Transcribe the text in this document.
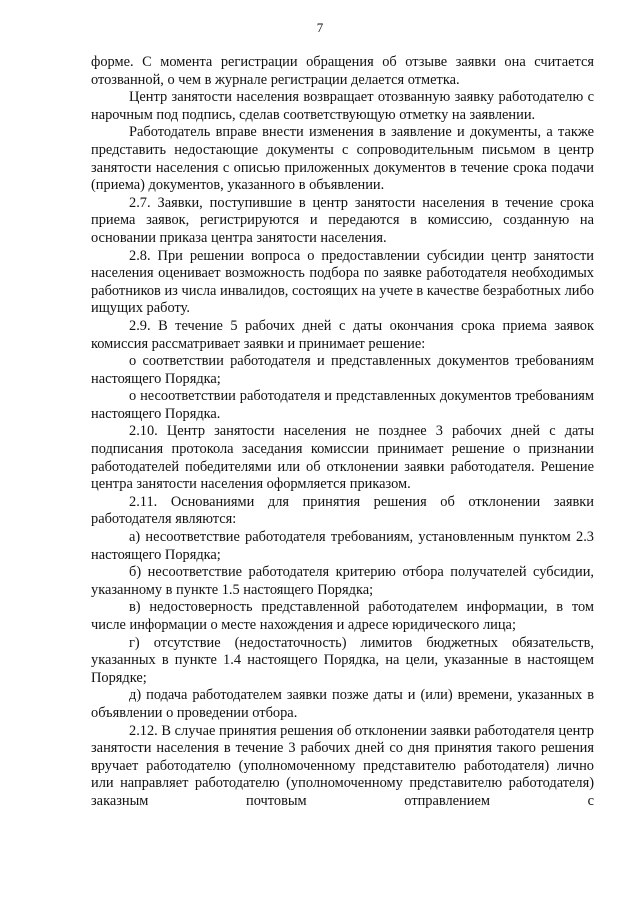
7

форме. С момента регистрации обращения об отзыве заявки она считается отозванной, о чем в журнале регистрации делается отметка.

Центр занятости населения возвращает отозванную заявку работодателю с нарочным под подпись, сделав соответствующую отметку на заявлении.

Работодатель вправе внести изменения в заявление и документы, а также представить недостающие документы с сопроводительным письмом в центр занятости населения с описью приложенных документов в течение срока подачи (приема) документов, указанного в объявлении.

2.7. Заявки, поступившие в центр занятости населения в течение срока приема заявок, регистрируются и передаются в комиссию, созданную на основании приказа центра занятости населения.

2.8. При решении вопроса о предоставлении субсидии центр занятости населения оценивает возможность подбора по заявке работодателя необходимых работников из числа инвалидов, состоящих на учете в качестве безработных либо ищущих работу.

2.9. В течение 5 рабочих дней с даты окончания срока приема заявок комиссия рассматривает заявки и принимает решение:

о соответствии работодателя и представленных документов требованиям настоящего Порядка;

о несоответствии работодателя и представленных документов требованиям настоящего Порядка.

2.10. Центр занятости населения не позднее 3 рабочих дней с даты подписания протокола заседания комиссии принимает решение о признании работодателей победителями или об отклонении заявки работодателя. Решение центра занятости населения оформляется приказом.

2.11. Основаниями для принятия решения об отклонении заявки работодателя являются:

а) несоответствие работодателя требованиям, установленным пунктом 2.3 настоящего Порядка;

б) несоответствие работодателя критерию отбора получателей субсидии, указанному в пункте 1.5 настоящего Порядка;

в) недостоверность представленной работодателем информации, в том числе информации о месте нахождения и адресе юридического лица;

г) отсутствие (недостаточность) лимитов бюджетных обязательств, указанных в пункте 1.4 настоящего Порядка, на цели, указанные в настоящем Порядке;

д) подача работодателем заявки позже даты и (или) времени, указанных в объявлении о проведении отбора.

2.12. В случае принятия решения об отклонении заявки работодателя центр занятости населения в течение 3 рабочих дней со дня принятия такого решения вручает работодателю (уполномоченному представителю работодателя) лично или направляет работодателю (уполномоченному представителю работодателя) заказным почтовым отправлением с
